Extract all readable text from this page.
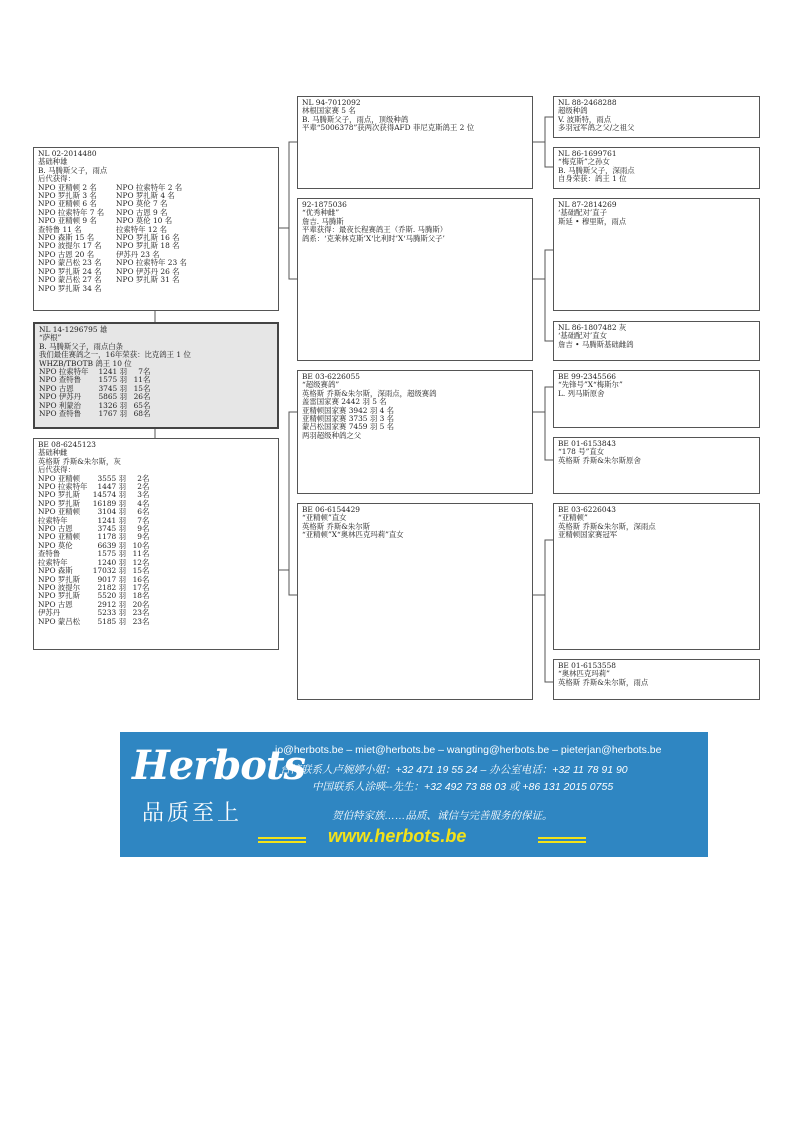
NL 02-2014480
基础种雄
B. 马腾斯父子，雨点
后代获得：
NPO 亚精顿 2 名	NPO 拉索特年 2 名
NPO 罗扎斯 3 名	NPO 罗扎斯 4 名
NPO 亚精顿 6 名	NPO 莫伦 7 名
NPO 拉索特年 7 名	NPO 古恩 9 名
NPO 亚精顿 9 名	NPO 莫伦 10 名
查特鲁 11 名	拉索特年 12 名
NPO 森斯 15 名	NPO 罗扎斯 16 名
NPO 波提尔 17 名	NPO 罗扎斯 18 名
NPO 古恩 20 名	伊苏丹 23 名
NPO 蒙吕松 23 名	NPO 拉索特年 23 名
NPO 罗扎斯 24 名	NPO 伊苏丹 26 名
NPO 蒙吕松 27 名	NPO 罗扎斯 31 名
NPO 罗扎斯 34 名
NL 14-1296795 雄
“萨根”
B. 马腾斯父子，雨点白条
我们最佳赛鸽之一，16年荣获：比克鸽王 1 位
WHZB/TBOTB 鸽王 10 位
NPO 拉索特年	1241 羽	7 名
NPO 查特鲁	1575 羽 11 名
NPO 古恩	3745 羽 15 名
NPO 伊苏丹	5865 羽 26 名
NPO 利蒙治	1326 羽 65 名
NPO 查特鲁	1767 羽 68 名
BE 08-6245123
基础种雌
英格斯 乔斯&朱尔斯，灰
后代获得：
NPO 亚精顿	3555 羽	2 名
NPO 拉索特年	1447 羽	2 名
NPO 罗扎斯	14574 羽	3 名
NPO 罗扎斯	16189 羽	4 名
NPO 亚精顿	3104 羽	6 名
拉索特年	1241 羽	7 名
NPO 古恩	3745 羽	9 名
NPO 亚精顿	1178 羽	9 名
NPO 莫伦	6639 羽 10 名
查特鲁	1575 羽 11 名
拉索特年	1240 羽 12 名
NPO 森斯	17032 羽 15 名
NPO 罗扎斯	9017 羽 16 名
NPO 波提尔	2182 羽 17 名
NPO 罗扎斯	5520 羽 18 名
NPO 古恩	2912 羽 20 名
伊苏丹	5233 羽 23 名
NPO 蒙吕松	5185 羽 23 名
NL 94-7012092
林根国家赛 5 名
B. 马腾斯父子，雨点，顶级种鸽
平辈“5006378”获两次获得AFD 菲尼克斯鸽王 2 位
92-1875036
“优秀种雌”
詹吉. 马腾斯
平辈获得：最夜长程赛鸽王（乔斯. 马腾斯）
鸽系：‘克莱林克斯’X‘比利时’X‘马腾斯父子’
BE 03-6226055
“超级赛鸽”
英格斯 乔斯&朱尔斯，深雨点，超级赛鸽
盖雷国家赛 2442 羽 5 名
亚精顿国家赛 3942 羽 4 名
亚精顿国家赛 3735 羽 3 名
蒙吕松国家赛 7459 羽 5 名
两羽超级种鸽之父
BE 06-6154429
“亚精顿”直女
英格斯 乔斯&朱尔斯
“亚精顿”X“奥林匹克玛莉”直女
NL 88-2468288
超级种鸽
V. 波斯特，雨点
多羽冠军鸽之父/之祖父
NL 86-1699761
“梅克斯”之孙女
B. 马腾斯父子，深雨点
自身荣获：鸽王 1 位
NL 87-2814269
‘基础配对’直子
斯延 • 穆里斯，雨点
NL 86-1807482 灰
‘基础配对’直女
詹吉 • 马腾斯基础雌鸽
BE 99-2345566
“先锋号”X“梅斯尔”
L. 列马斯原舍
BE 01-6153843
“178 号”直女
英格斯 乔斯&朱尔斯原舍
BE 03-6226043
“亚精顿”
英格斯 乔斯&朱尔斯，深雨点
亚精顿国家赛冠军
BE 01-6153558
“奥林匹克玛莉”
英格斯 乔斯&朱尔斯，雨点
Herbots
品质至上
jo@herbots.be – miet@herbots.be – wangting@herbots.be – pieterjan@herbots.be
台湾联系人卢婉婷小姐：+32 471 19 55 24 – 办公室电话：+32 11 78 91 90
中国联系人涂暎--先生：+32 492 73 88 03 或 +86 131 2015 0755
贺伯特家族……品质、诚信与完善服务的保证。
www.herbots.be
